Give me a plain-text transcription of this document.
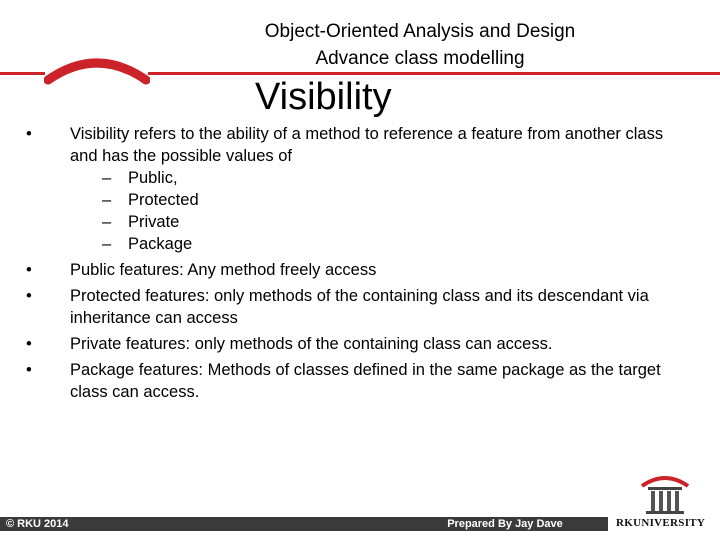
Object-Oriented Analysis and Design
Advance class modelling
Visibility
•	Visibility refers to the ability of a method to reference a feature from another class and has the possible values of
–	Public,
–	Protected
–	Private
–	Package
•	Public features: Any method freely access
•	Protected features: only methods of the containing class and its descendant via inheritance can access
•	Private features: only methods of the containing class can access.
•	Package features: Methods of classes defined in the same package as the target class can access.
© RKU 2014	Prepared By Jay Dave	RKUNIVERSITY
